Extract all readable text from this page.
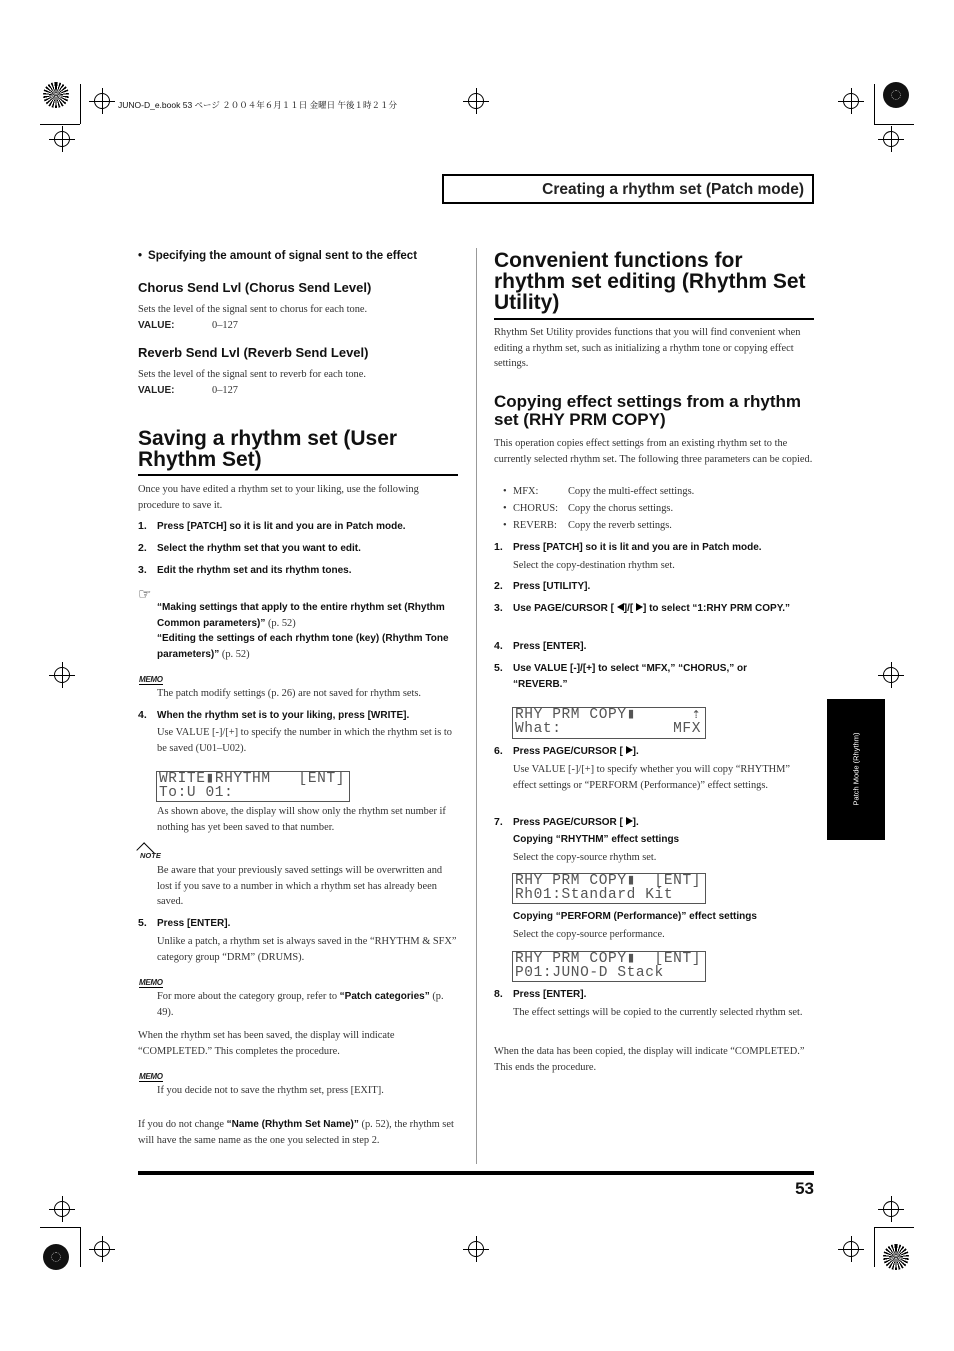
JUNO-D_e.book 53 ページ ２００４年６月１１日 金曜日 午後１時２１分
Creating a rhythm set (Patch mode)
Patch Mode (Rhythm)
• Specifying the amount of signal sent to the effect
Chorus Send Lvl (Chorus Send Level)
Sets the level of the signal sent to chorus for each tone.
VALUE:	0–127
Reverb Send Lvl (Reverb Send Level)
Sets the level of the signal sent to reverb for each tone.
VALUE:	0–127
Saving a rhythm set (User Rhythm Set)
Once you have edited a rhythm set to your liking, use the following procedure to save it.
1. Press [PATCH] so it is lit and you are in Patch mode.
2. Select the rhythm set that you want to edit.
3. Edit the rhythm set and its rhythm tones.
☞
“Making settings that apply to the entire rhythm set (Rhythm Common parameters)” (p. 52)
“Editing the settings of each rhythm tone (key) (Rhythm Tone parameters)” (p. 52)
MEMO
The patch modify settings (p. 26) are not saved for rhythm sets.
4. When the rhythm set is to your liking, press [WRITE].
Use VALUE [-]/[+] to specify the number in which the rhythm set is to be saved (U01–U02).
WRITE▮RHYTHM   [ENT]
To:U 01:
As shown above, the display will show only the rhythm set number if nothing has yet been saved to that number.
NOTE
Be aware that your previously saved settings will be overwritten and lost if you save to a number in which a rhythm set has already been saved.
5. Press [ENTER].
Unlike a patch, a rhythm set is always saved in the “RHYTHM & SFX” category group “DRM” (DRUMS).
MEMO
For more about the category group, refer to “Patch categories” (p. 49).
When the rhythm set has been saved, the display will indicate “COMPLETED.” This completes the procedure.
MEMO
If you decide not to save the rhythm set, press [EXIT].
If you do not change “Name (Rhythm Set Name)” (p. 52), the rhythm set will have the same name as the one you selected in step 2.
Convenient functions for rhythm set editing (Rhythm Set Utility)
Rhythm Set Utility provides functions that you will find convenient when editing a rhythm set, such as initializing a rhythm tone or copying effect settings.
Copying effect settings from a rhythm set (RHY PRM COPY)
This operation copies effect settings from an existing rhythm set to the currently selected rhythm set. The following three parameters can be copied.
• MFX:	Copy the multi-effect settings.
• CHORUS: Copy the chorus settings.
• REVERB: Copy the reverb settings.
1. Press [PATCH] so it is lit and you are in Patch mode.
Select the copy-destination rhythm set.
2. Press [UTILITY].
3. Use PAGE/CURSOR [ ]/[ ] to select “1:RHY PRM COPY.”
4. Press [ENTER].
5. Use VALUE [-]/[+] to select “MFX,” “CHORUS,” or “REVERB.”
RHY PRM COPY▮      ⇡
What:            MFX
6. Press PAGE/CURSOR [ ].
Use VALUE [-]/[+] to specify whether you will copy “RHYTHM” effect settings or “PERFORM (Performance)” effect settings.
7. Press PAGE/CURSOR [ ].
Copying “RHYTHM” effect settings
Select the copy-source rhythm set.
RHY PRM COPY▮  [ENT]
Rh01:Standard Kit
Copying “PERFORM (Performance)” effect settings
Select the copy-source performance.
RHY PRM COPY▮  [ENT]
P01:JUNO-D Stack
8. Press [ENTER].
The effect settings will be copied to the currently selected rhythm set.
When the data has been copied, the display will indicate “COMPLETED.” This ends the procedure.
53
